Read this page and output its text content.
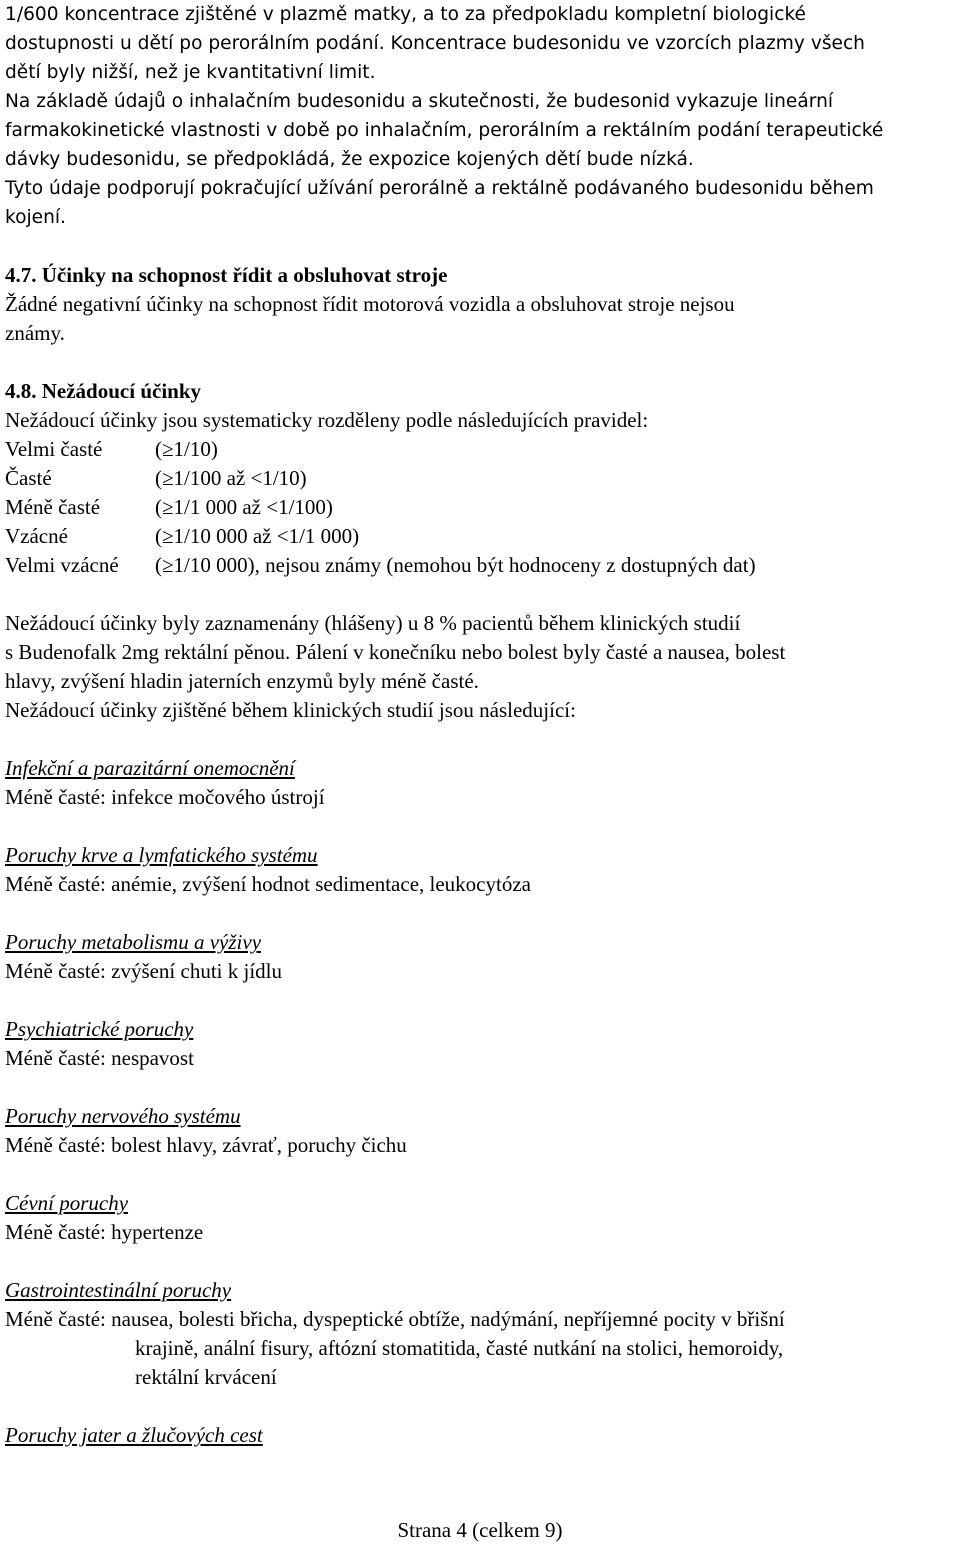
1/600 koncentrace zjištěné v plazmě matky, a to za předpokladu kompletní biologické

dostupnosti u dětí po perorálním podání. Koncentrace budesonidu ve vzorcích plazmy všech

dětí byly nižší, než je kvantitativní limit.

Na základě údajů o inhalačním budesonidu a skutečnosti, že budesonid vykazuje lineární

farmakokinetické vlastnosti v době po inhalačním, perorálním a rektálním podání terapeutické

dávky budesonidu, se předpokládá, že expozice kojených dětí bude nízká.

Tyto údaje podporují pokračující užívání perorálně a rektálně podávaného budesonidu během

kojení.

4.7. Účinky na schopnost řídit a obsluhovat stroje

Žádné negativní účinky na schopnost řídit motorová vozidla a obsluhovat stroje nejsou

známy.

4.8. Nežádoucí účinky

Nežádoucí účinky jsou systematicky rozděleny podle následujících pravidel:

Velmi časté	(≥1/10)
Časté	(≥1/100 až <1/10)
Méně časté	(≥1/1 000 až <1/100)
Vzácné	(≥1/10 000 až <1/1 000)
Velmi vzácné	(≥1/10 000), nejsou známy (nemohou být hodnoceny z dostupných dat)

Nežádoucí účinky byly zaznamenány (hlášeny) u 8 % pacientů během klinických studií

s Budenofalk 2mg rektální pěnou. Pálení v konečníku nebo bolest byly časté a nausea, bolest

hlavy, zvýšení hladin jaterních enzymů byly méně časté.

Nežádoucí účinky zjištěné během klinických studií jsou následující:

Infekční a parazitární onemocnění

Méně časté: infekce močového ústrojí

Poruchy krve a lymfatického systému

Méně časté: anémie, zvýšení hodnot sedimentace, leukocytóza

Poruchy metabolismu a výživy

Méně časté: zvýšení chuti k jídlu

Psychiatrické poruchy

Méně časté: nespavost

Poruchy nervového systému

Méně časté: bolest hlavy, závrať, poruchy čichu

Cévní poruchy

Méně časté: hypertenze

Gastrointestinální poruchy

Méně časté: nausea, bolesti břicha, dyspeptické obtíže, nadýmání, nepříjemné pocity v břišní

krajině, anální fisury, aftózní stomatitida, časté nutkání na stolici, hemoroidy,

rektální krvácení

Poruchy jater a žlučových cest

Strana 4 (celkem 9)
